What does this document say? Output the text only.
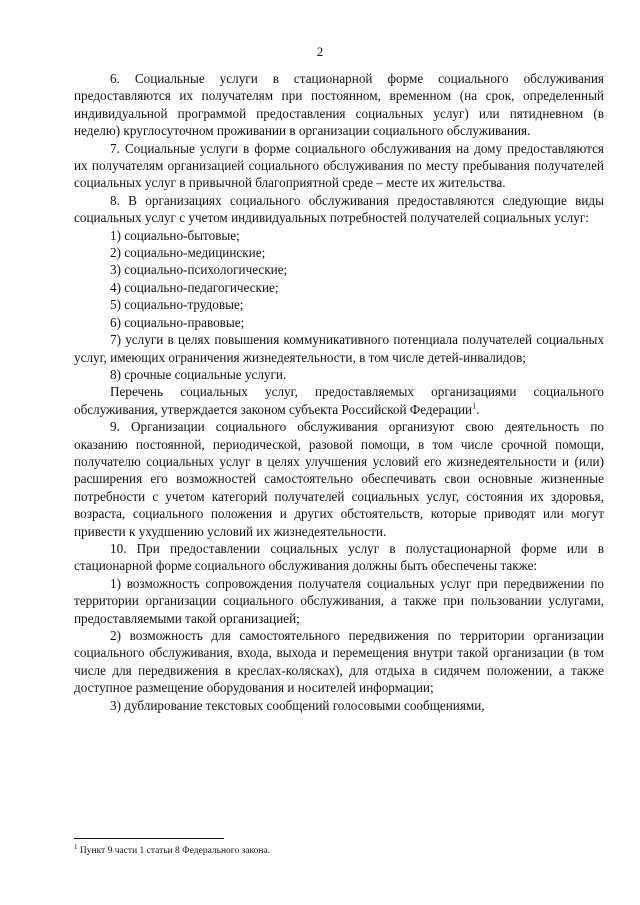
2

6. Социальные услуги в стационарной форме социального обслуживания предоставляются их получателям при постоянном, временном (на срок, определенный индивидуальной программой предоставления социальных услуг) или пятидневном (в неделю) круглосуточном проживании в организации социального обслуживания.

7. Социальные услуги в форме социального обслуживания на дому предоставляются их получателям организацией социального обслуживания по месту пребывания получателей социальных услуг в привычной благоприятной среде – месте их жительства.

8. В организациях социального обслуживания предоставляются следующие виды социальных услуг с учетом индивидуальных потребностей получателей социальных услуг:

1) социально-бытовые;

2) социально-медицинские;

3) социально-психологические;

4) социально-педагогические;

5) социально-трудовые;

6) социально-правовые;

7) услуги в целях повышения коммуникативного потенциала получателей социальных услуг, имеющих ограничения жизнедеятельности, в том числе детей-инвалидов;

8) срочные социальные услуги.

Перечень социальных услуг, предоставляемых организациями социального обслуживания, утверждается законом субъекта Российской Федерации$^1$.

9. Организации социального обслуживания организуют свою деятельность по оказанию постоянной, периодической, разовой помощи, в том числе срочной помощи, получателю социальных услуг в целях улучшения условий его жизнедеятельности и (или) расширения его возможностей самостоятельно обеспечивать свои основные жизненные потребности с учетом категорий получателей социальных услуг, состояния их здоровья, возраста, социального положения и других обстоятельств, которые приводят или могут привести к ухудшению условий их жизнедеятельности.

10. При предоставлении социальных услуг в полустационарной форме или в стационарной форме социального обслуживания должны быть обеспечены также:

1) возможность сопровождения получателя социальных услуг при передвижении по территории организации социального обслуживания, а также при пользовании услугами, предоставляемыми такой организацией;

2) возможность для самостоятельного передвижения по территории организации социального обслуживания, входа, выхода и перемещения внутри такой организации (в том числе для передвижения в креслах-колясках), для отдыха в сидячем положении, а также доступное размещение оборудования и носителей информации;

3) дублирование текстовых сообщений голосовыми сообщениями,

$^1$ Пункт 9 части 1 статьи 8 Федерального закона.
